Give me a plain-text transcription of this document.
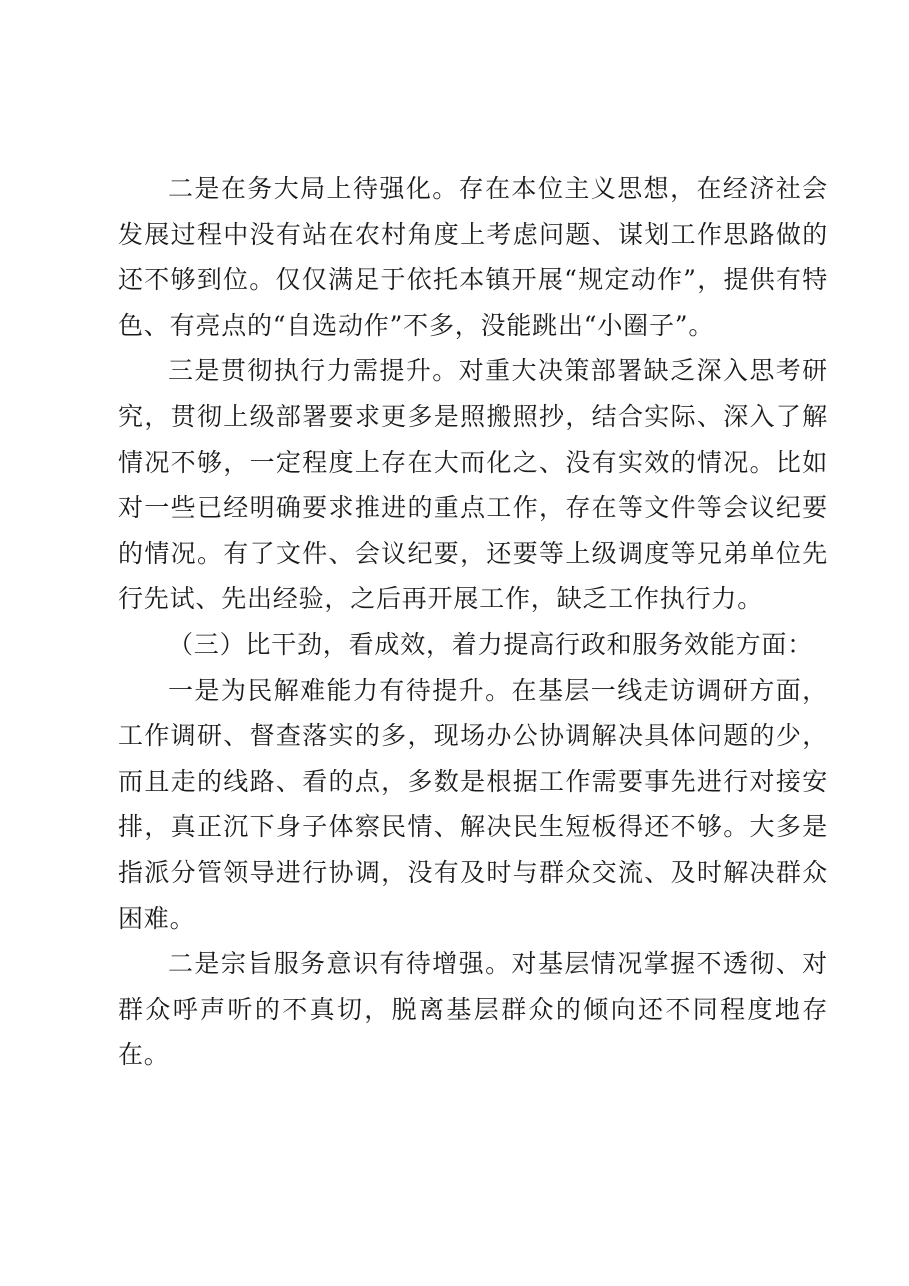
二是在务大局上待强化。存在本位主义思想，在经济社会发展过程中没有站在农村角度上考虑问题、谋划工作思路做的还不够到位。仅仅满足于依托本镇开展“规定动作”，提供有特色、有亮点的“自选动作”不多，没能跳出“小圈子”。

三是贯彻执行力需提升。对重大决策部署缺乏深入思考研究，贯彻上级部署要求更多是照搬照抄，结合实际、深入了解情况不够，一定程度上存在大而化之、没有实效的情况。比如对一些已经明确要求推进的重点工作，存在等文件等会议纪要的情况。有了文件、会议纪要，还要等上级调度等兄弟单位先行先试、先出经验，之后再开展工作，缺乏工作执行力。

（三）比干劲，看成效，着力提高行政和服务效能方面：

一是为民解难能力有待提升。在基层一线走访调研方面，工作调研、督查落实的多，现场办公协调解决具体问题的少，而且走的线路、看的点，多数是根据工作需要事先进行对接安排，真正沉下身子体察民情、解决民生短板得还不够。大多是指派分管领导进行协调，没有及时与群众交流、及时解决群众困难。

二是宗旨服务意识有待增强。对基层情况掌握不透彻、对群众呼声听的不真切，脱离基层群众的倾向还不同程度地存在。
